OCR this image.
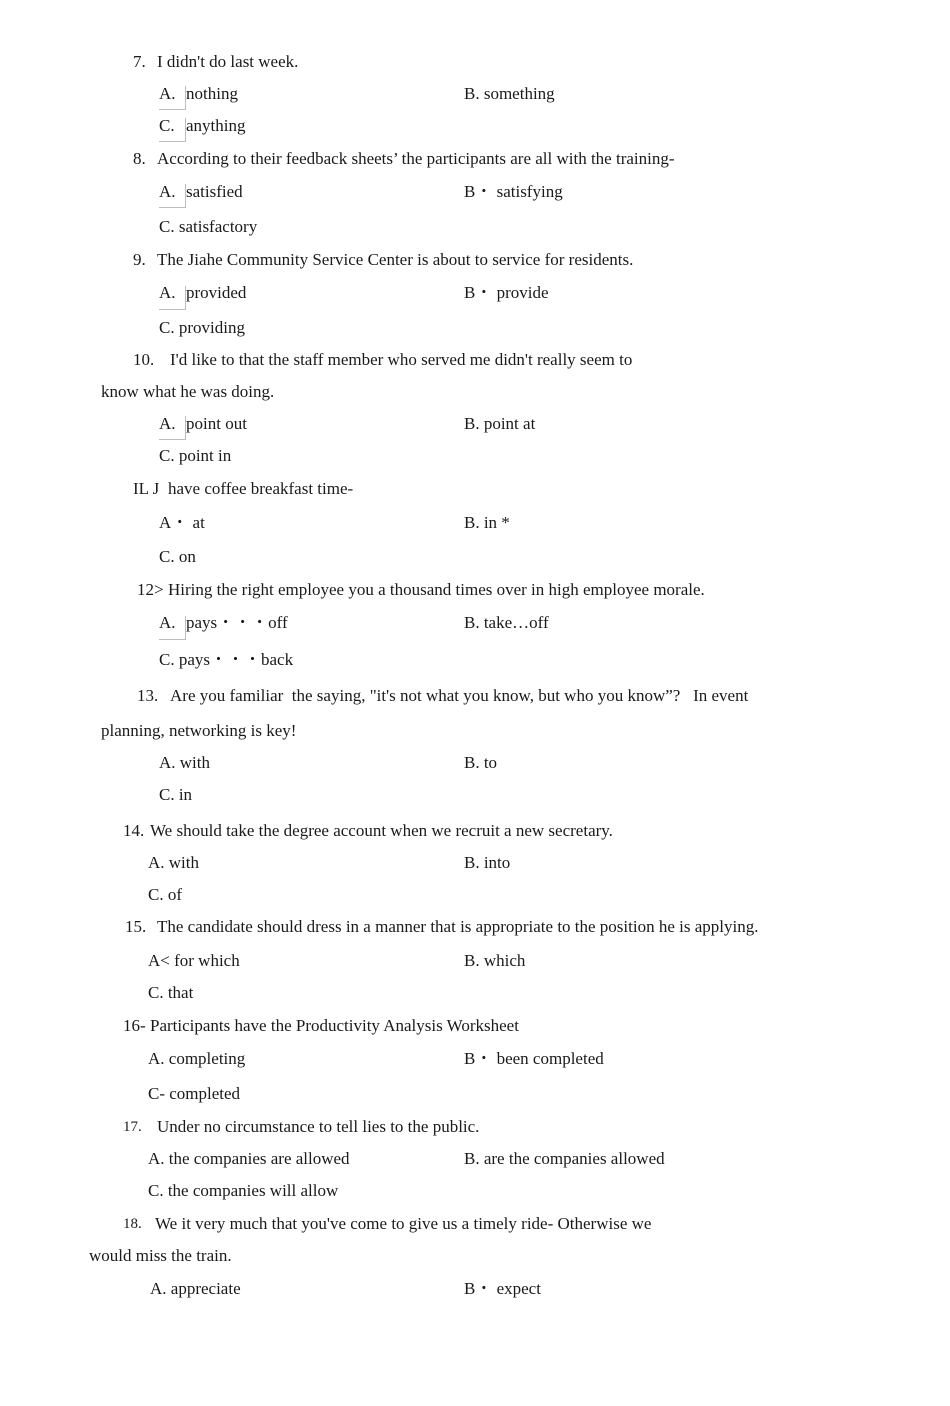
7. I didn't do last week.
A. nothing	B. something
C. anything
8. According to their feedback sheets’ the participants are all with the training-
A. satisfied	B・ satisfying
C. satisfactory
9. The Jiahe Community Service Center is about to service for residents.
A. provided	B・ provide
C. providing
10. I'd like to that the staff member who served me didn't really seem to
know what he was doing.
A. point out	B. point at
C. point in
IL J have coffee breakfast time-
A・ at	B. in *
C. on
12> Hiring the right employee you a thousand times over in high employee morale.
A. pays・・・off	B. take…off
C. pays・・・back
13. Are you familiar  the saying, "it's not what you know, but who you know”?   In event
planning, networking is key!
A. with	B. to
C. in
14. We should take the degree account when we recruit a new secretary.
A. with	B. into
C. of
15. The candidate should dress in a manner that is appropriate to the position he is applying.
A< for which	B. which
C. that
16- Participants have the Productivity Analysis Worksheet
A. completing	B・ been completed
C- completed
17. Under no circumstance to tell lies to the public.
A. the companies are allowed	B. are the companies allowed
C. the companies will allow
18. We it very much that you've come to give us a timely ride- Otherwise we
would miss the train.
A. appreciate	B・ expect
